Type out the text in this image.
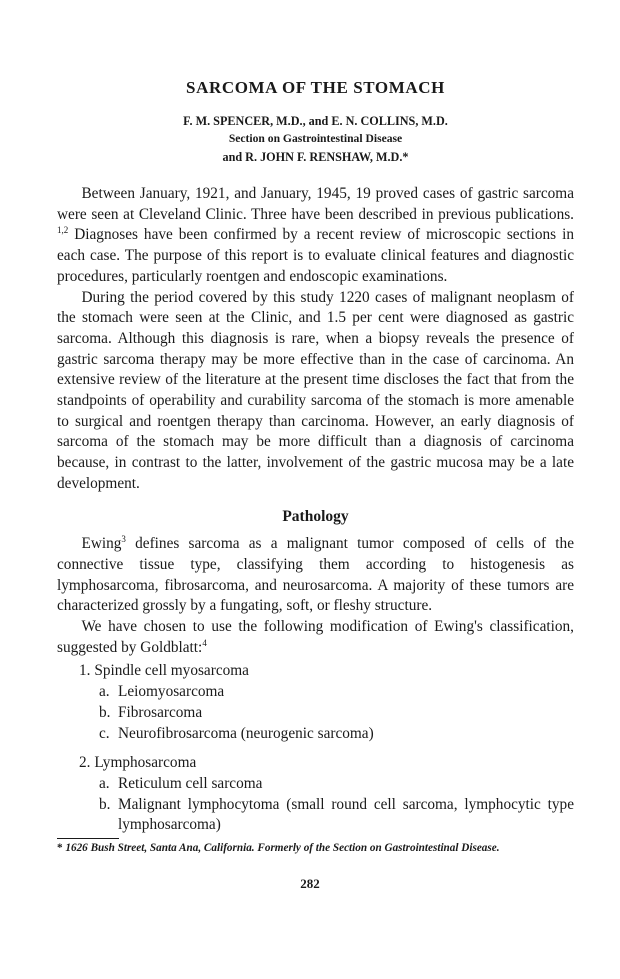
SARCOMA OF THE STOMACH
F. M. SPENCER, M.D., and E. N. COLLINS, M.D.
Section on Gastrointestinal Disease
and R. JOHN F. RENSHAW, M.D.*

Between January, 1921, and January, 1945, 19 proved cases of gastric sarcoma were seen at Cleveland Clinic. Three have been described in previous publications. $^{1,2}$ Diagnoses have been confirmed by a recent review of microscopic sections in each case. The purpose of this report is to evaluate clinical features and diagnostic procedures, particularly roentgen and endoscopic examinations.

During the period covered by this study 1220 cases of malignant neoplasm of the stomach were seen at the Clinic, and 1.5 per cent were diagnosed as gastric sarcoma. Although this diagnosis is rare, when a biopsy reveals the presence of gastric sarcoma therapy may be more effective than in the case of carcinoma. An extensive review of the literature at the present time discloses the fact that from the standpoints of operability and curability sarcoma of the stomach is more amenable to surgical and roentgen therapy than carcinoma. However, an early diagnosis of sarcoma of the stomach may be more difficult than a diagnosis of carcinoma because, in contrast to the latter, involvement of the gastric mucosa may be a late development.

Pathology

Ewing$^3$ defines sarcoma as a malignant tumor composed of cells of the connective tissue type, classifying them according to histogenesis as lymphosarcoma, fibrosarcoma, and neurosarcoma. A majority of these tumors are characterized grossly by a fungating, soft, or fleshy structure.

We have chosen to use the following modification of Ewing's classification, suggested by Goldblatt:$^4$

1. Spindle cell myosarcoma
a. Leiomyosarcoma
b. Fibrosarcoma
c. Neurofibrosarcoma (neurogenic sarcoma)
2. Lymphosarcoma
a. Reticulum cell sarcoma
b. Malignant lymphocytoma (small round cell sarcoma, lymphocytic type lymphosarcoma)
* 1626 Bush Street, Santa Ana, California. Formerly of the Section on Gastrointestinal Disease.
282
